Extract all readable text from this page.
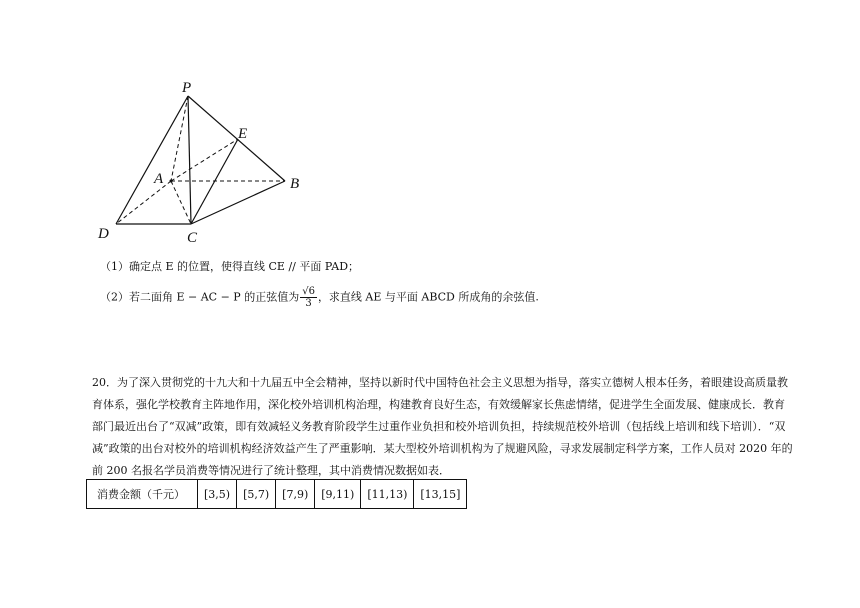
P
E
A	B
D	C
（1）确定点 E 的位置，使得直线 CE // 平面 PAD；
（2）若二面角 E − AC − P 的正弦值为 $\frac{√6}{3}$ ，求直线 AE 与平面 ABCD 所成角的余弦值.
20．为了深入贯彻党的十九大和十九届五中全会精神，坚持以新时代中国特色社会主义思想为指导，落实立德树人根本任务，着眼建设高质量教
育体系，强化学校教育主阵地作用，深化校外培训机构治理，构建教育良好生态，有效缓解家长焦虑情绪，促进学生全面发展、健康成长．教育
部门最近出台了“双减”政策，即有效减轻义务教育阶段学生过重作业负担和校外培训负担，持续规范校外培训（包括线上培训和线下培训）．“双
减”政策的出台对校外的培训机构经济效益产生了严重影响．某大型校外培训机构为了规避风险，寻求发展制定科学方案，工作人员对 2020 年的
前 200 名报名学员消费等情况进行了统计整理，其中消费情况数据如表．
消费金额（千元）	[3,5)	[5,7)	[7,9)	[9,11)	[11,13)	[13,15]
